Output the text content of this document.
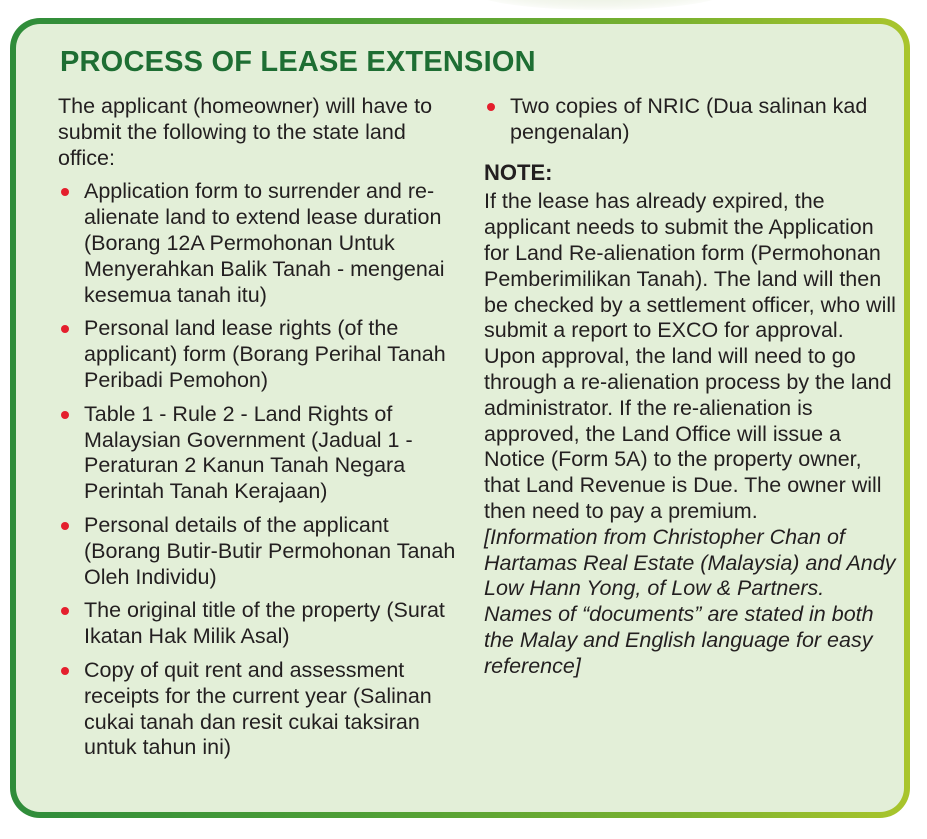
PROCESS OF LEASE EXTENSION

The applicant (homeowner) will have to submit the following to the state land office:

Application form to surrender and re-alienate land to extend lease duration (Borang 12A Permohonan Untuk Menyerahkan Balik Tanah - mengenai kesemua tanah itu)
Personal land lease rights (of the applicant) form (Borang Perihal Tanah Peribadi Pemohon)
Table 1 - Rule 2 - Land Rights of Malaysian Government (Jadual 1 - Peraturan 2 Kanun Tanah Negara Perintah Tanah Kerajaan)
Personal details of the applicant (Borang Butir-Butir Permohonan Tanah Oleh Individu)
The original title of the property (Surat Ikatan Hak Milik Asal)
Copy of quit rent and assessment receipts for the current year (Salinan cukai tanah dan resit cukai taksiran untuk tahun ini)
Two copies of NRIC (Dua salinan kad pengenalan)

NOTE:

If the lease has already expired, the applicant needs to submit the Application for Land Re-alienation form (Permohonan Pemberimilikan Tanah). The land will then be checked by a settlement officer, who will submit a report to EXCO for approval. Upon approval, the land will need to go through a re-alienation process by the land administrator. If the re-alienation is approved, the Land Office will issue a Notice (Form 5A) to the property owner, that Land Revenue is Due. The owner will then need to pay a premium.

[Information from Christopher Chan of Hartamas Real Estate (Malaysia) and Andy Low Hann Yong, of Low & Partners. Names of “documents” are stated in both the Malay and English language for easy reference]
